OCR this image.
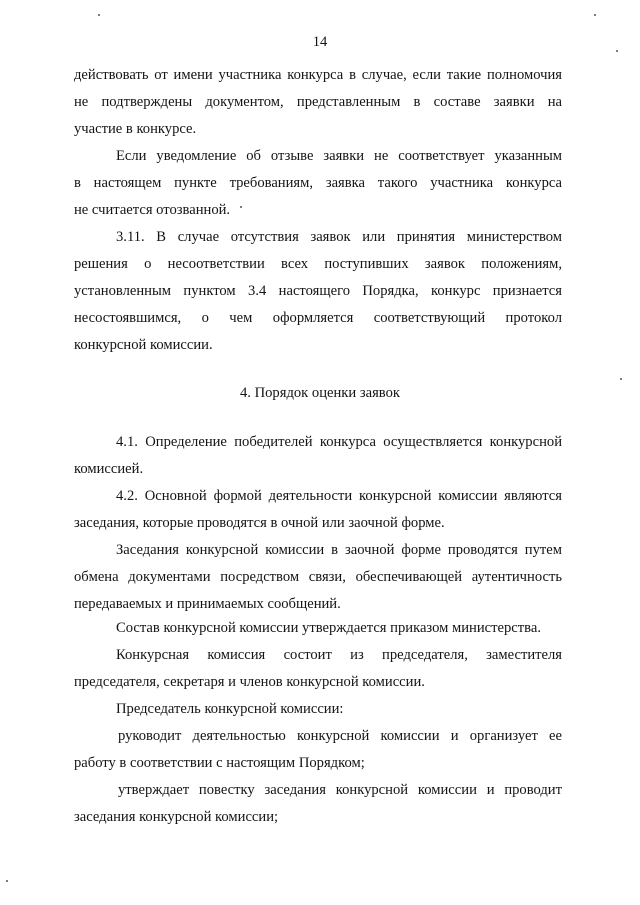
14
действовать от имени участника конкурса в случае, если такие полномочия
не подтверждены документом, представленным в составе заявки на
участие в конкурсе.
Если уведомление об отзыве заявки не соответствует указанным
в настоящем пункте требованиям, заявка такого участника конкурса
не считается отозванной.
3.11. В случае отсутствия заявок или принятия министерством
решения о несоответствии всех поступивших заявок положениям,
установленным пунктом 3.4 настоящего Порядка, конкурс признается
несостоявшимся, о чем оформляется соответствующий протокол
конкурсной комиссии.
4. Порядок оценки заявок
4.1. Определение победителей конкурса осуществляется конкурсной
комиссией.
4.2. Основной формой деятельности конкурсной комиссии являются
заседания, которые проводятся в очной или заочной форме.
Заседания конкурсной комиссии в заочной форме проводятся путем
обмена документами посредством связи, обеспечивающей аутентичность
передаваемых и принимаемых сообщений.
Состав конкурсной комиссии утверждается приказом министерства.
Конкурсная комиссия состоит из председателя, заместителя
председателя, секретаря и членов конкурсной комиссии.
Председатель конкурсной комиссии:
руководит деятельностью конкурсной комиссии и организует ее
работу в соответствии с настоящим Порядком;
утверждает повестку заседания конкурсной комиссии и проводит
заседания конкурсной комиссии;
